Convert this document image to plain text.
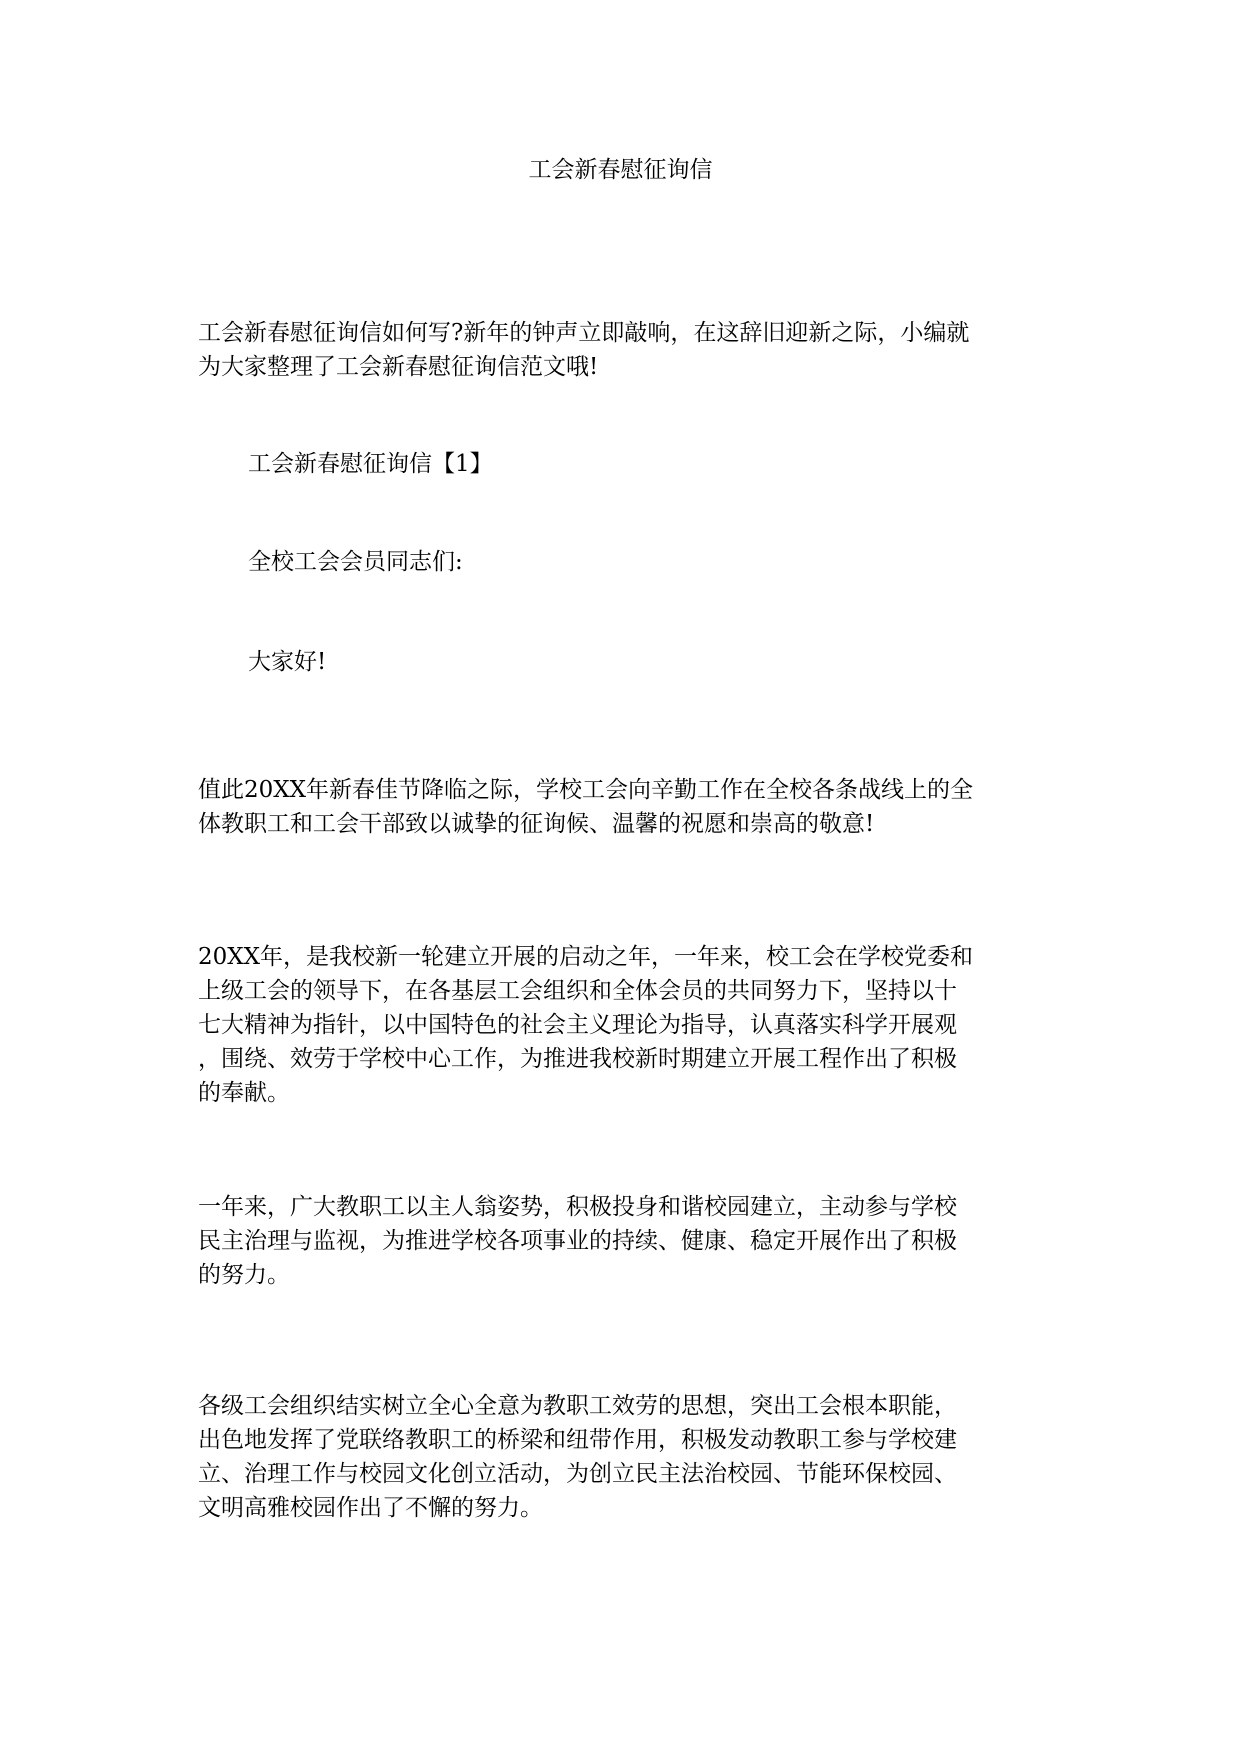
工会新春慰征询信

工会新春慰征询信如何写?新年的钟声立即敲响，在这辞旧迎新之际，小编就
为大家整理了工会新春慰征询信范文哦!

工会新春慰征询信【1】

全校工会会员同志们:

大家好!

值此20XX年新春佳节降临之际，学校工会向辛勤工作在全校各条战线上的全
体教职工和工会干部致以诚挚的征询候、温馨的祝愿和崇高的敬意!

20XX年，是我校新一轮建立开展的启动之年，一年来，校工会在学校党委和
上级工会的领导下，在各基层工会组织和全体会员的共同努力下，坚持以十
七大精神为指针，以中国特色的社会主义理论为指导，认真落实科学开展观
，围绕、效劳于学校中心工作，为推进我校新时期建立开展工程作出了积极
的奉献。

一年来，广大教职工以主人翁姿势，积极投身和谐校园建立，主动参与学校
民主治理与监视，为推进学校各项事业的持续、健康、稳定开展作出了积极
的努力。

各级工会组织结实树立全心全意为教职工效劳的思想，突出工会根本职能，
出色地发挥了党联络教职工的桥梁和纽带作用，积极发动教职工参与学校建
立、治理工作与校园文化创立活动，为创立民主法治校园、节能环保校园、
文明高雅校园作出了不懈的努力。
